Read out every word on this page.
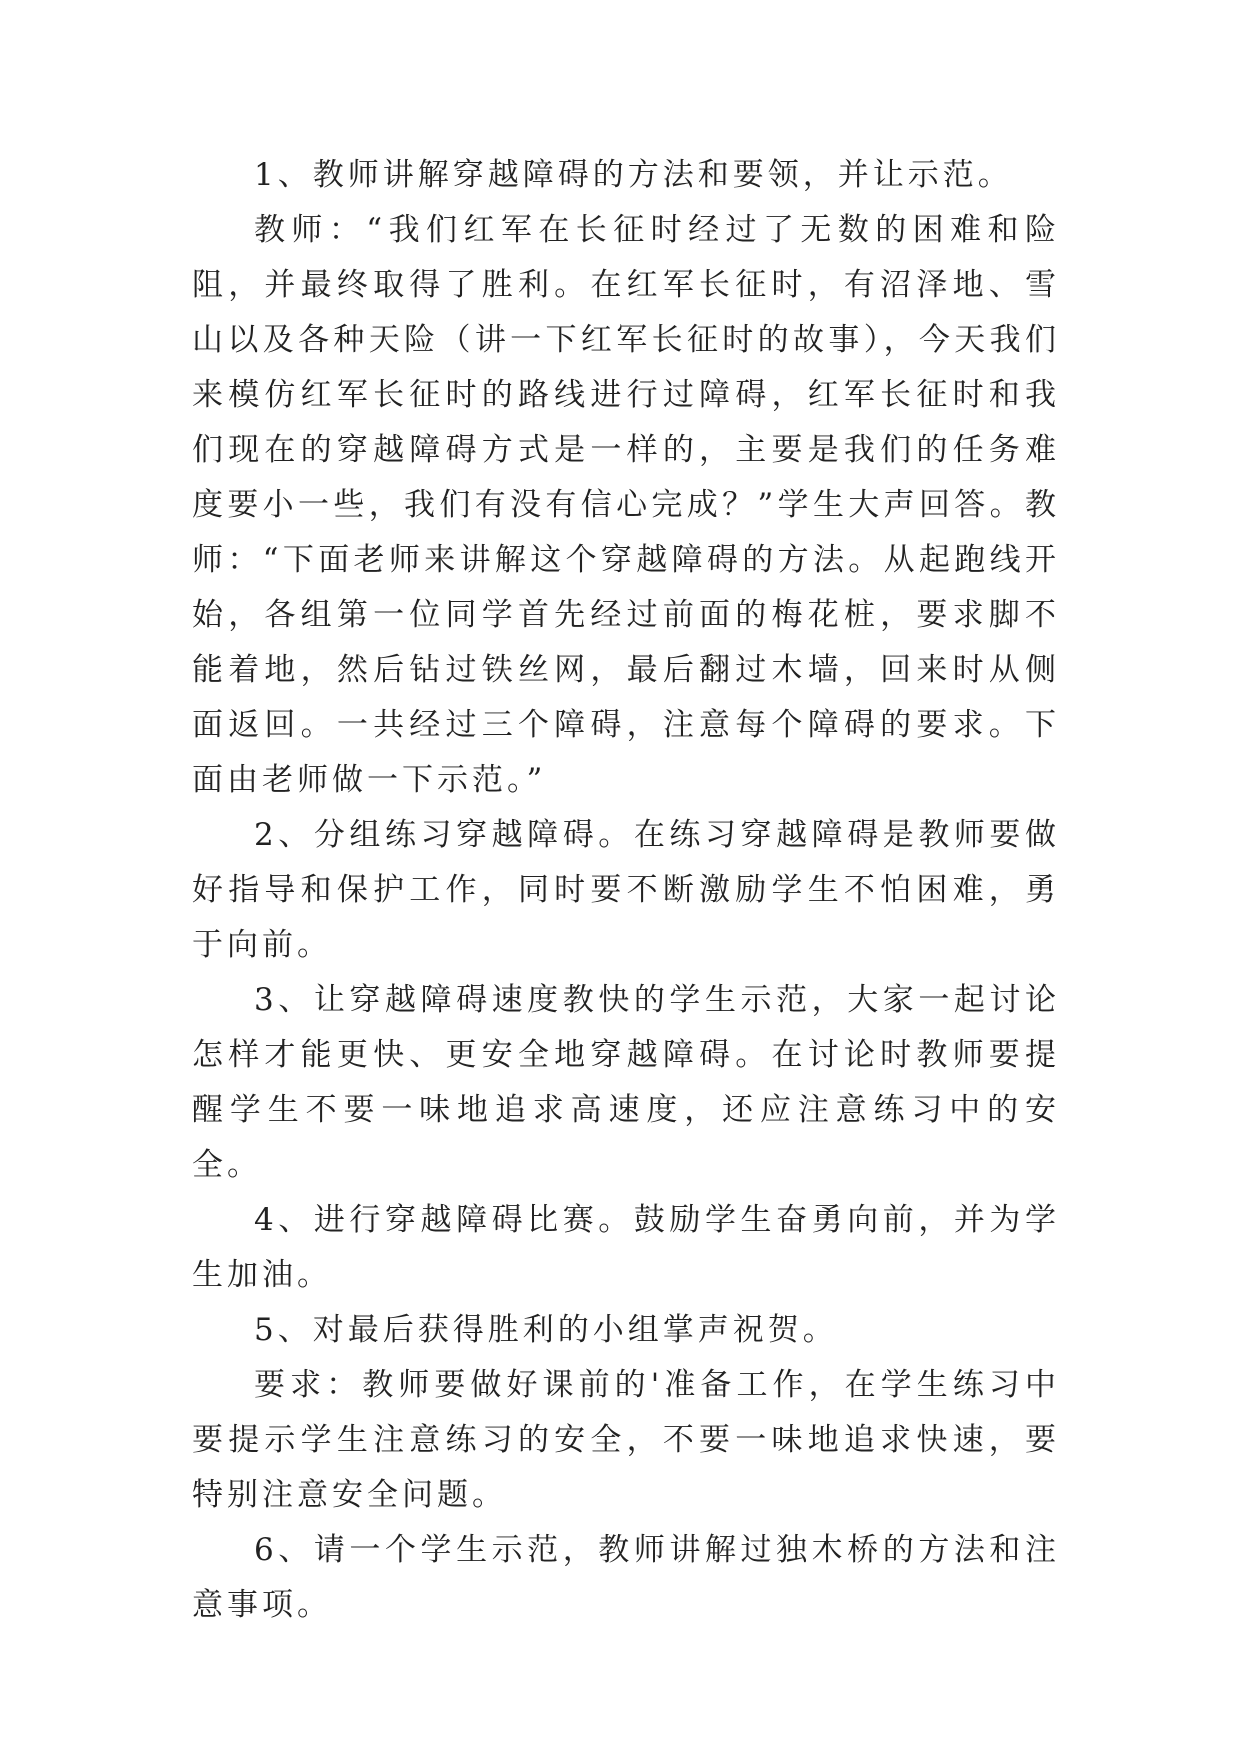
1、教师讲解穿越障碍的方法和要领，并让示范。

教师：“我们红军在长征时经过了无数的困难和险阻，并最终取得了胜利。在红军长征时，有沼泽地、雪山以及各种天险（讲一下红军长征时的故事），今天我们来模仿红军长征时的路线进行过障碍，红军长征时和我们现在的穿越障碍方式是一样的，主要是我们的任务难度要小一些，我们有没有信心完成？”学生大声回答。教师：“下面老师来讲解这个穿越障碍的方法。从起跑线开始，各组第一位同学首先经过前面的梅花桩，要求脚不能着地，然后钻过铁丝网，最后翻过木墙，回来时从侧面返回。一共经过三个障碍，注意每个障碍的要求。下面由老师做一下示范。”

2、分组练习穿越障碍。在练习穿越障碍是教师要做好指导和保护工作，同时要不断激励学生不怕困难，勇于向前。

3、让穿越障碍速度教快的学生示范，大家一起讨论怎样才能更快、更安全地穿越障碍。在讨论时教师要提醒学生不要一味地追求高速度，还应注意练习中的安全。

4、进行穿越障碍比赛。鼓励学生奋勇向前，并为学生加油。

5、对最后获得胜利的小组掌声祝贺。

要求：教师要做好课前的'准备工作，在学生练习中要提示学生注意练习的安全，不要一味地追求快速，要特别注意安全问题。

6、请一个学生示范，教师讲解过独木桥的方法和注意事项。
